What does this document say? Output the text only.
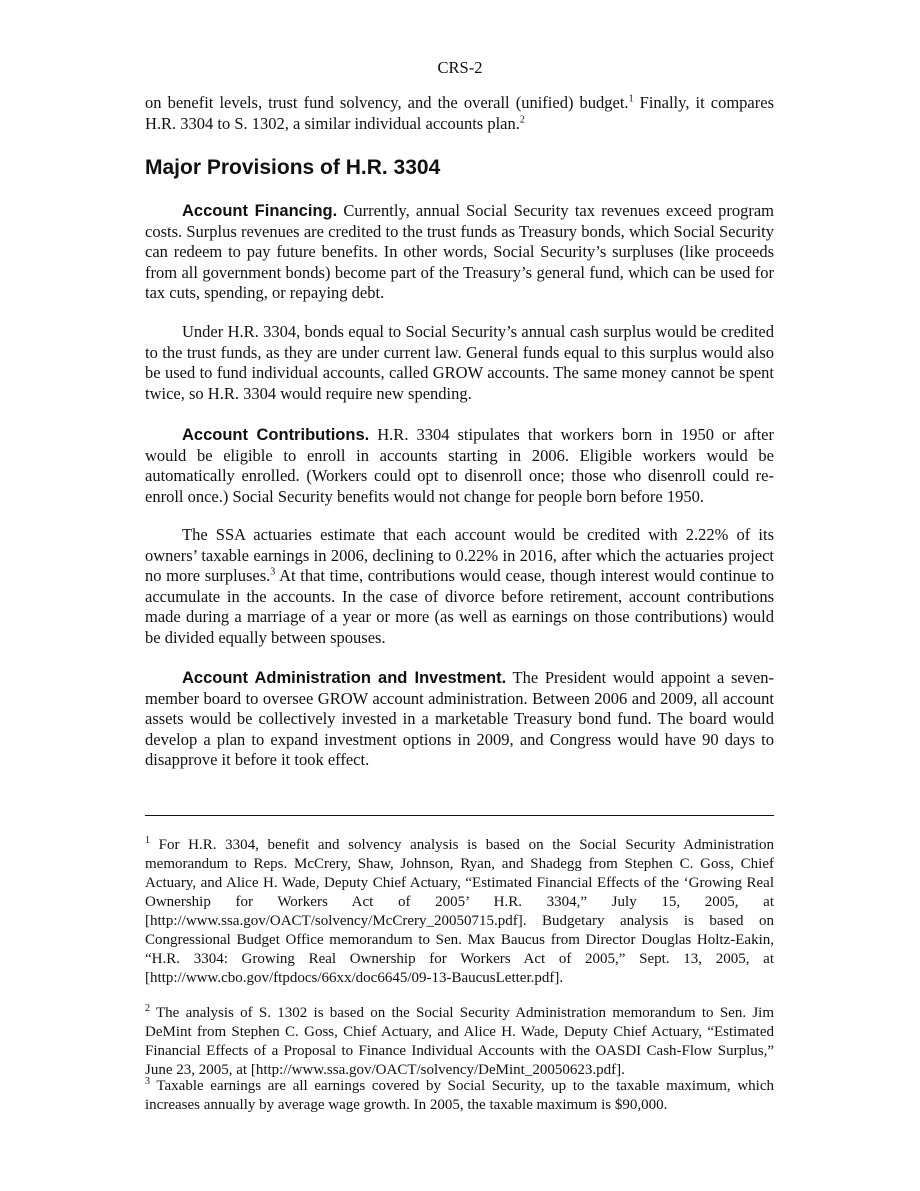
CRS-2

on benefit levels, trust fund solvency, and the overall (unified) budget.$^1$ Finally, it compares H.R. 3304 to S. 1302, a similar individual accounts plan.$^2$

Major Provisions of H.R. 3304

Account Financing. Currently, annual Social Security tax revenues exceed program costs. Surplus revenues are credited to the trust funds as Treasury bonds, which Social Security can redeem to pay future benefits. In other words, Social Security’s surpluses (like proceeds from all government bonds) become part of the Treasury’s general fund, which can be used for tax cuts, spending, or repaying debt.

Under H.R. 3304, bonds equal to Social Security’s annual cash surplus would be credited to the trust funds, as they are under current law. General funds equal to this surplus would also be used to fund individual accounts, called GROW accounts. The same money cannot be spent twice, so H.R. 3304 would require new spending.

Account Contributions. H.R. 3304 stipulates that workers born in 1950 or after would be eligible to enroll in accounts starting in 2006. Eligible workers would be automatically enrolled. (Workers could opt to disenroll once; those who disenroll could re-enroll once.) Social Security benefits would not change for people born before 1950.

The SSA actuaries estimate that each account would be credited with 2.22% of its owners’ taxable earnings in 2006, declining to 0.22% in 2016, after which the actuaries project no more surpluses.$^3$ At that time, contributions would cease, though interest would continue to accumulate in the accounts. In the case of divorce before retirement, account contributions made during a marriage of a year or more (as well as earnings on those contributions) would be divided equally between spouses.

Account Administration and Investment. The President would appoint a seven-member board to oversee GROW account administration. Between 2006 and 2009, all account assets would be collectively invested in a marketable Treasury bond fund. The board would develop a plan to expand investment options in 2009, and Congress would have 90 days to disapprove it before it took effect.

$^1$ For H.R. 3304, benefit and solvency analysis is based on the Social Security Administration memorandum to Reps. McCrery, Shaw, Johnson, Ryan, and Shadegg from Stephen C. Goss, Chief Actuary, and Alice H. Wade, Deputy Chief Actuary, “Estimated Financial Effects of the ‘Growing Real Ownership for Workers Act of 2005’ H.R. 3304,” July 15, 2005, at [http://www.ssa.gov/OACT/solvency/McCrery_20050715.pdf]. Budgetary analysis is based on Congressional Budget Office memorandum to Sen. Max Baucus from Director Douglas Holtz-Eakin, “H.R. 3304: Growing Real Ownership for Workers Act of 2005,” Sept. 13, 2005, at [http://www.cbo.gov/ftpdocs/66xx/doc6645/09-13-BaucusLetter.pdf].

$^2$ The analysis of S. 1302 is based on the Social Security Administration memorandum to Sen. Jim DeMint from Stephen C. Goss, Chief Actuary, and Alice H. Wade, Deputy Chief Actuary, “Estimated Financial Effects of a Proposal to Finance Individual Accounts with the OASDI Cash-Flow Surplus,” June 23, 2005, at [http://www.ssa.gov/OACT/solvency/DeMint_20050623.pdf].

$^3$ Taxable earnings are all earnings covered by Social Security, up to the taxable maximum, which increases annually by average wage growth. In 2005, the taxable maximum is $90,000.
